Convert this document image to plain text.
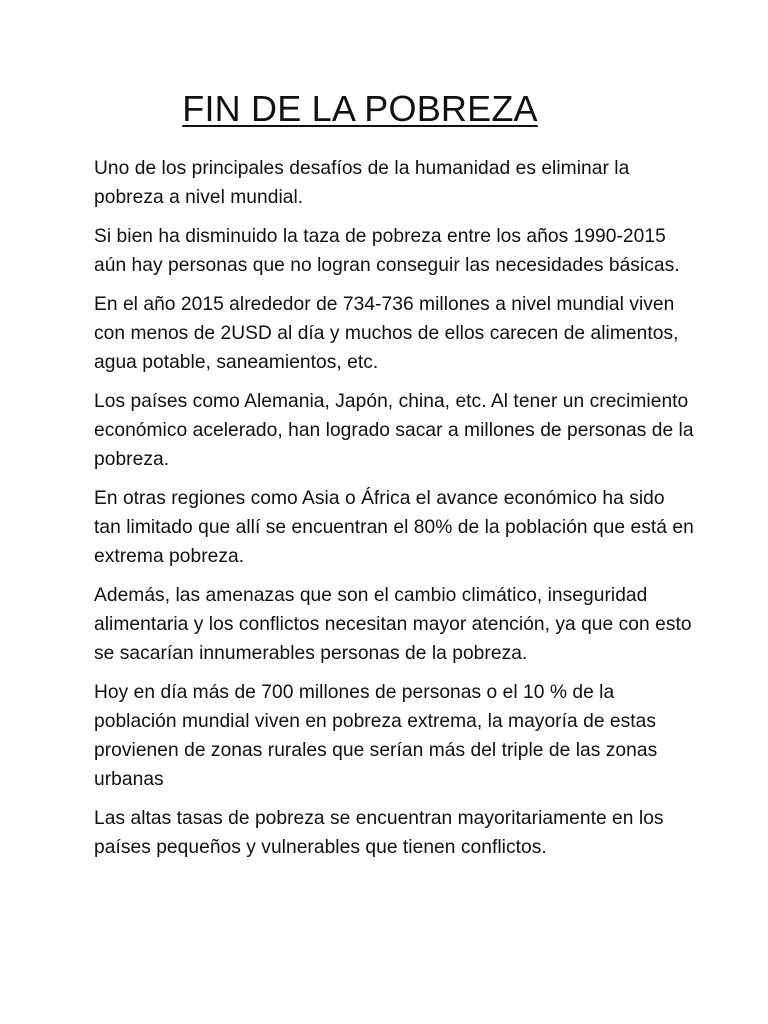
FIN DE LA POBREZA

Uno de los principales desafíos de la humanidad es eliminar la pobreza a nivel mundial.

Si bien ha disminuido la taza de pobreza entre los años 1990-2015 aún hay personas que no logran conseguir las necesidades básicas.

En el año 2015 alrededor de 734-736 millones a nivel mundial viven con menos de 2USD al día y muchos de ellos carecen de alimentos, agua potable, saneamientos, etc.

Los países como Alemania, Japón, china, etc. Al tener un crecimiento económico acelerado, han logrado sacar a millones de personas de la pobreza.

En otras regiones como Asia o África el avance económico ha sido tan limitado que allí se encuentran el 80% de la población que está en extrema pobreza.

Además, las amenazas que son el cambio climático, inseguridad alimentaria y los conflictos necesitan mayor atención, ya que con esto se sacarían innumerables personas de la pobreza.

Hoy en día más de 700 millones de personas o el 10 % de la población mundial viven en pobreza extrema, la mayoría de estas provienen de zonas rurales que serían más del triple de las zonas urbanas

Las altas tasas de pobreza se encuentran mayoritariamente en los países pequeños y vulnerables que tienen conflictos.
